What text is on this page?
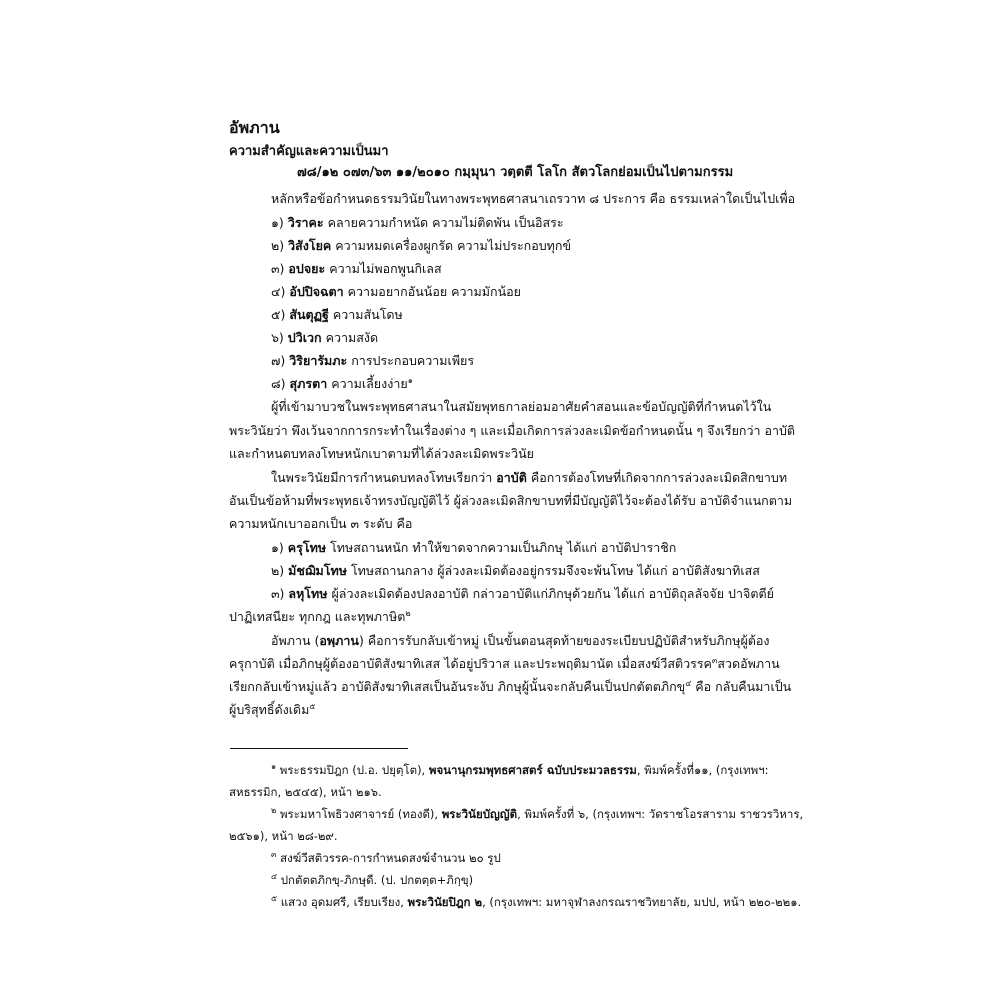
อัพภาน
ความสำคัญและความเป็นมา
๗๘/๑๒ ๐๗๓/๖๓ ๑๑/๒๐๑๐ กมฺมุนา วตฺตตี โลโก สัตวโลกย่อมเป็นไปตามกรรม
หลักหรือข้อกำหนดธรรมวินัยในทางพระพุทธศาสนาเถรวาท ๘ ประการ คือ ธรรมเหล่าใดเป็นไปเพื่อ
๑) วิราคะ คลายความกำหนัด ความไม่ติดพัน เป็นอิสระ
๒) วิสังโยค ความหมดเครื่องผูกรัด ความไม่ประกอบทุกข์
๓) อปจยะ ความไม่พอกพูนกิเลส
๔) อัปปิจฉตา ความอยากอันน้อย ความมักน้อย
๕) สันตุฏฐี ความสันโดษ
๖) ปวิเวก ความสงัด
๗) วิริยารัมภะ การประกอบความเพียร
๘) สุภรตา ความเลี้ยงง่าย$^๑$
ผู้ที่เข้ามาบวชในพระพุทธศาสนาในสมัยพุทธกาลย่อมอาศัยคำสอนและข้อบัญญัติที่กำหนดไว้ใน
พระวินัยว่า พึงเว้นจากการกระทำในเรื่องต่าง ๆ และเมื่อเกิดการล่วงละเมิดข้อกำหนดนั้น ๆ จึงเรียกว่า อาบัติ
และกำหนดบทลงโทษหนักเบาตามที่ได้ล่วงละเมิดพระวินัย
ในพระวินัยมีการกำหนดบทลงโทษเรียกว่า อาบัติ คือการต้องโทษที่เกิดจากการล่วงละเมิดสิกขาบท
อันเป็นข้อห้ามที่พระพุทธเจ้าทรงบัญญัติไว้ ผู้ล่วงละเมิดสิกขาบทที่มีบัญญัติไว้จะต้องได้รับ อาบัติจำแนกตาม
ความหนักเบาออกเป็น ๓ ระดับ คือ
๑) ครุโทษ โทษสถานหนัก ทำให้ขาดจากความเป็นภิกษุ ได้แก่ อาบัติปาราชิก
๒) มัชฌิมโทษ โทษสถานกลาง ผู้ล่วงละเมิดต้องอยู่กรรมจึงจะพ้นโทษ ได้แก่ อาบัติสังฆาทิเสส
๓) ลหุโทษ ผู้ล่วงละเมิดต้องปลงอาบัติ กล่าวอาบัติแก่ภิกษุด้วยกัน ได้แก่ อาบัติถุลลัจจัย ปาจิตตีย์
ปาฏิเทสนียะ ทุกกฎ และทุพภาษิต$^๒$
อัพภาน (อพฺภาน) คือการรับกลับเข้าหมู่ เป็นขั้นตอนสุดท้ายของระเบียบปฏิบัติสำหรับภิกษุผู้ต้อง
ครุกาบัติ เมื่อภิกษุผู้ต้องอาบัติสังฆาทิเสส ได้อยู่ปริวาส และประพฤติมานัต เมื่อสงฆ์วีสติวรรค$^๓$สวดอัพภาน
เรียกกลับเข้าหมู่แล้ว อาบัติสังฆาทิเสสเป็นอันระงับ ภิกษุผู้นั้นจะกลับคืนเป็นปกตัตตภิกขุ$^๔$ คือ กลับคืนมาเป็น
ผู้บริสุทธิ์ดังเดิม$^๕$
$^๑$ พระธรรมปิฎก (ป.อ. ปยุตฺโต), พจนานุกรมพุทธศาสตร์ ฉบับประมวลธรรม, พิมพ์ครั้งที่๑๑, (กรุงเทพฯ:
สหธรรมิก, ๒๕๔๕), หน้า ๒๑๖.
$^๒$ พระมหาโพธิวงศาจารย์ (ทองดี), พระวินัยบัญญัติ, พิมพ์ครั้งที่ ๖, (กรุงเทพฯ: วัดราชโอรสาราม ราชวรวิหาร,
๒๕๖๑), หน้า ๒๘-๒๙.
$^๓$ สงฆ์วีสติวรรค-การกำหนดสงฆ์จำนวน ๒๐ รูป
$^๔$ ปกตัตตภิกขุ-ภิกษุดี. (ป. ปกตตฺต+ภิกฺขุ)
$^๕$ แสวง อุดมศรี, เรียบเรียง, พระวินัยปิฎก ๒, (กรุงเทพฯ: มหาจุฬาลงกรณราชวิทยาลัย, มปป, หน้า ๒๒๐-๒๒๑.
